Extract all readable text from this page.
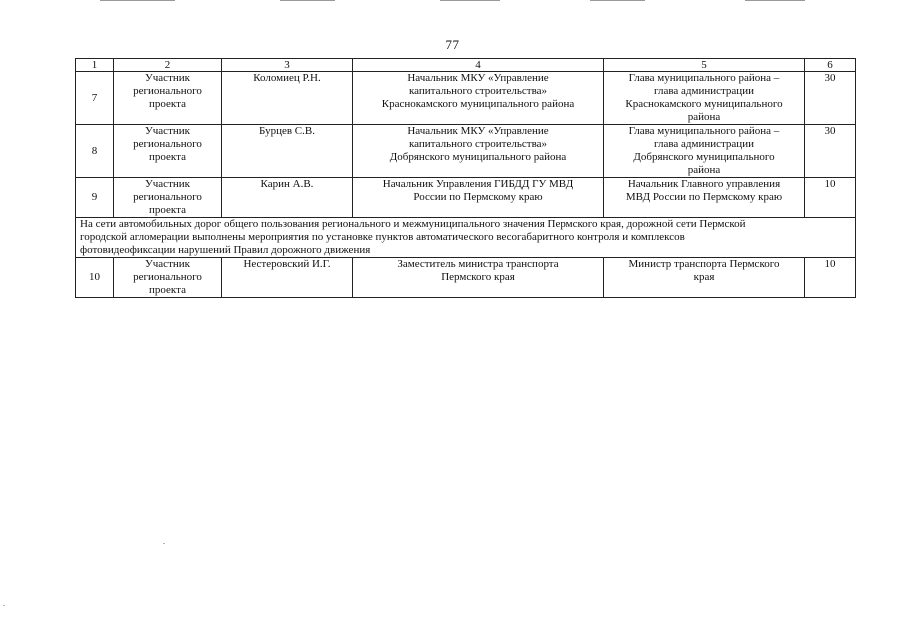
77
1	2	3	4	5	6
7	Участник
регионального
проекта	Коломиец Р.Н.	Начальник МКУ «Управление
капитального строительства»
Краснокамского муниципального района	Глава муниципального района –
глава администрации
Краснокамского муниципального
района	30
8	Участник
регионального
проекта	Бурцев С.В.	Начальник МКУ «Управление
капитального строительства»
Добрянского муниципального района	Глава муниципального района –
глава администрации
Добрянского муниципального
района	30
9	Участник
регионального
проекта	Карин А.В.	Начальник Управления ГИБДД ГУ МВД
России по Пермскому краю	Начальник Главного управления
МВД России по Пермскому краю	10

На сети автомобильных дорог общего пользования регионального и межмуниципального значения Пермского края, дорожной сети Пермской
городской агломерации выполнены мероприятия по установке пунктов автоматического весогабаритного контроля и комплексов
фотовидеофиксации нарушений Правил дорожного движения					

10	Участник
регионального
проекта	Нестеровский И.Г.	Заместитель министра транспорта
Пермского края	Министр транспорта Пермского
края	10
